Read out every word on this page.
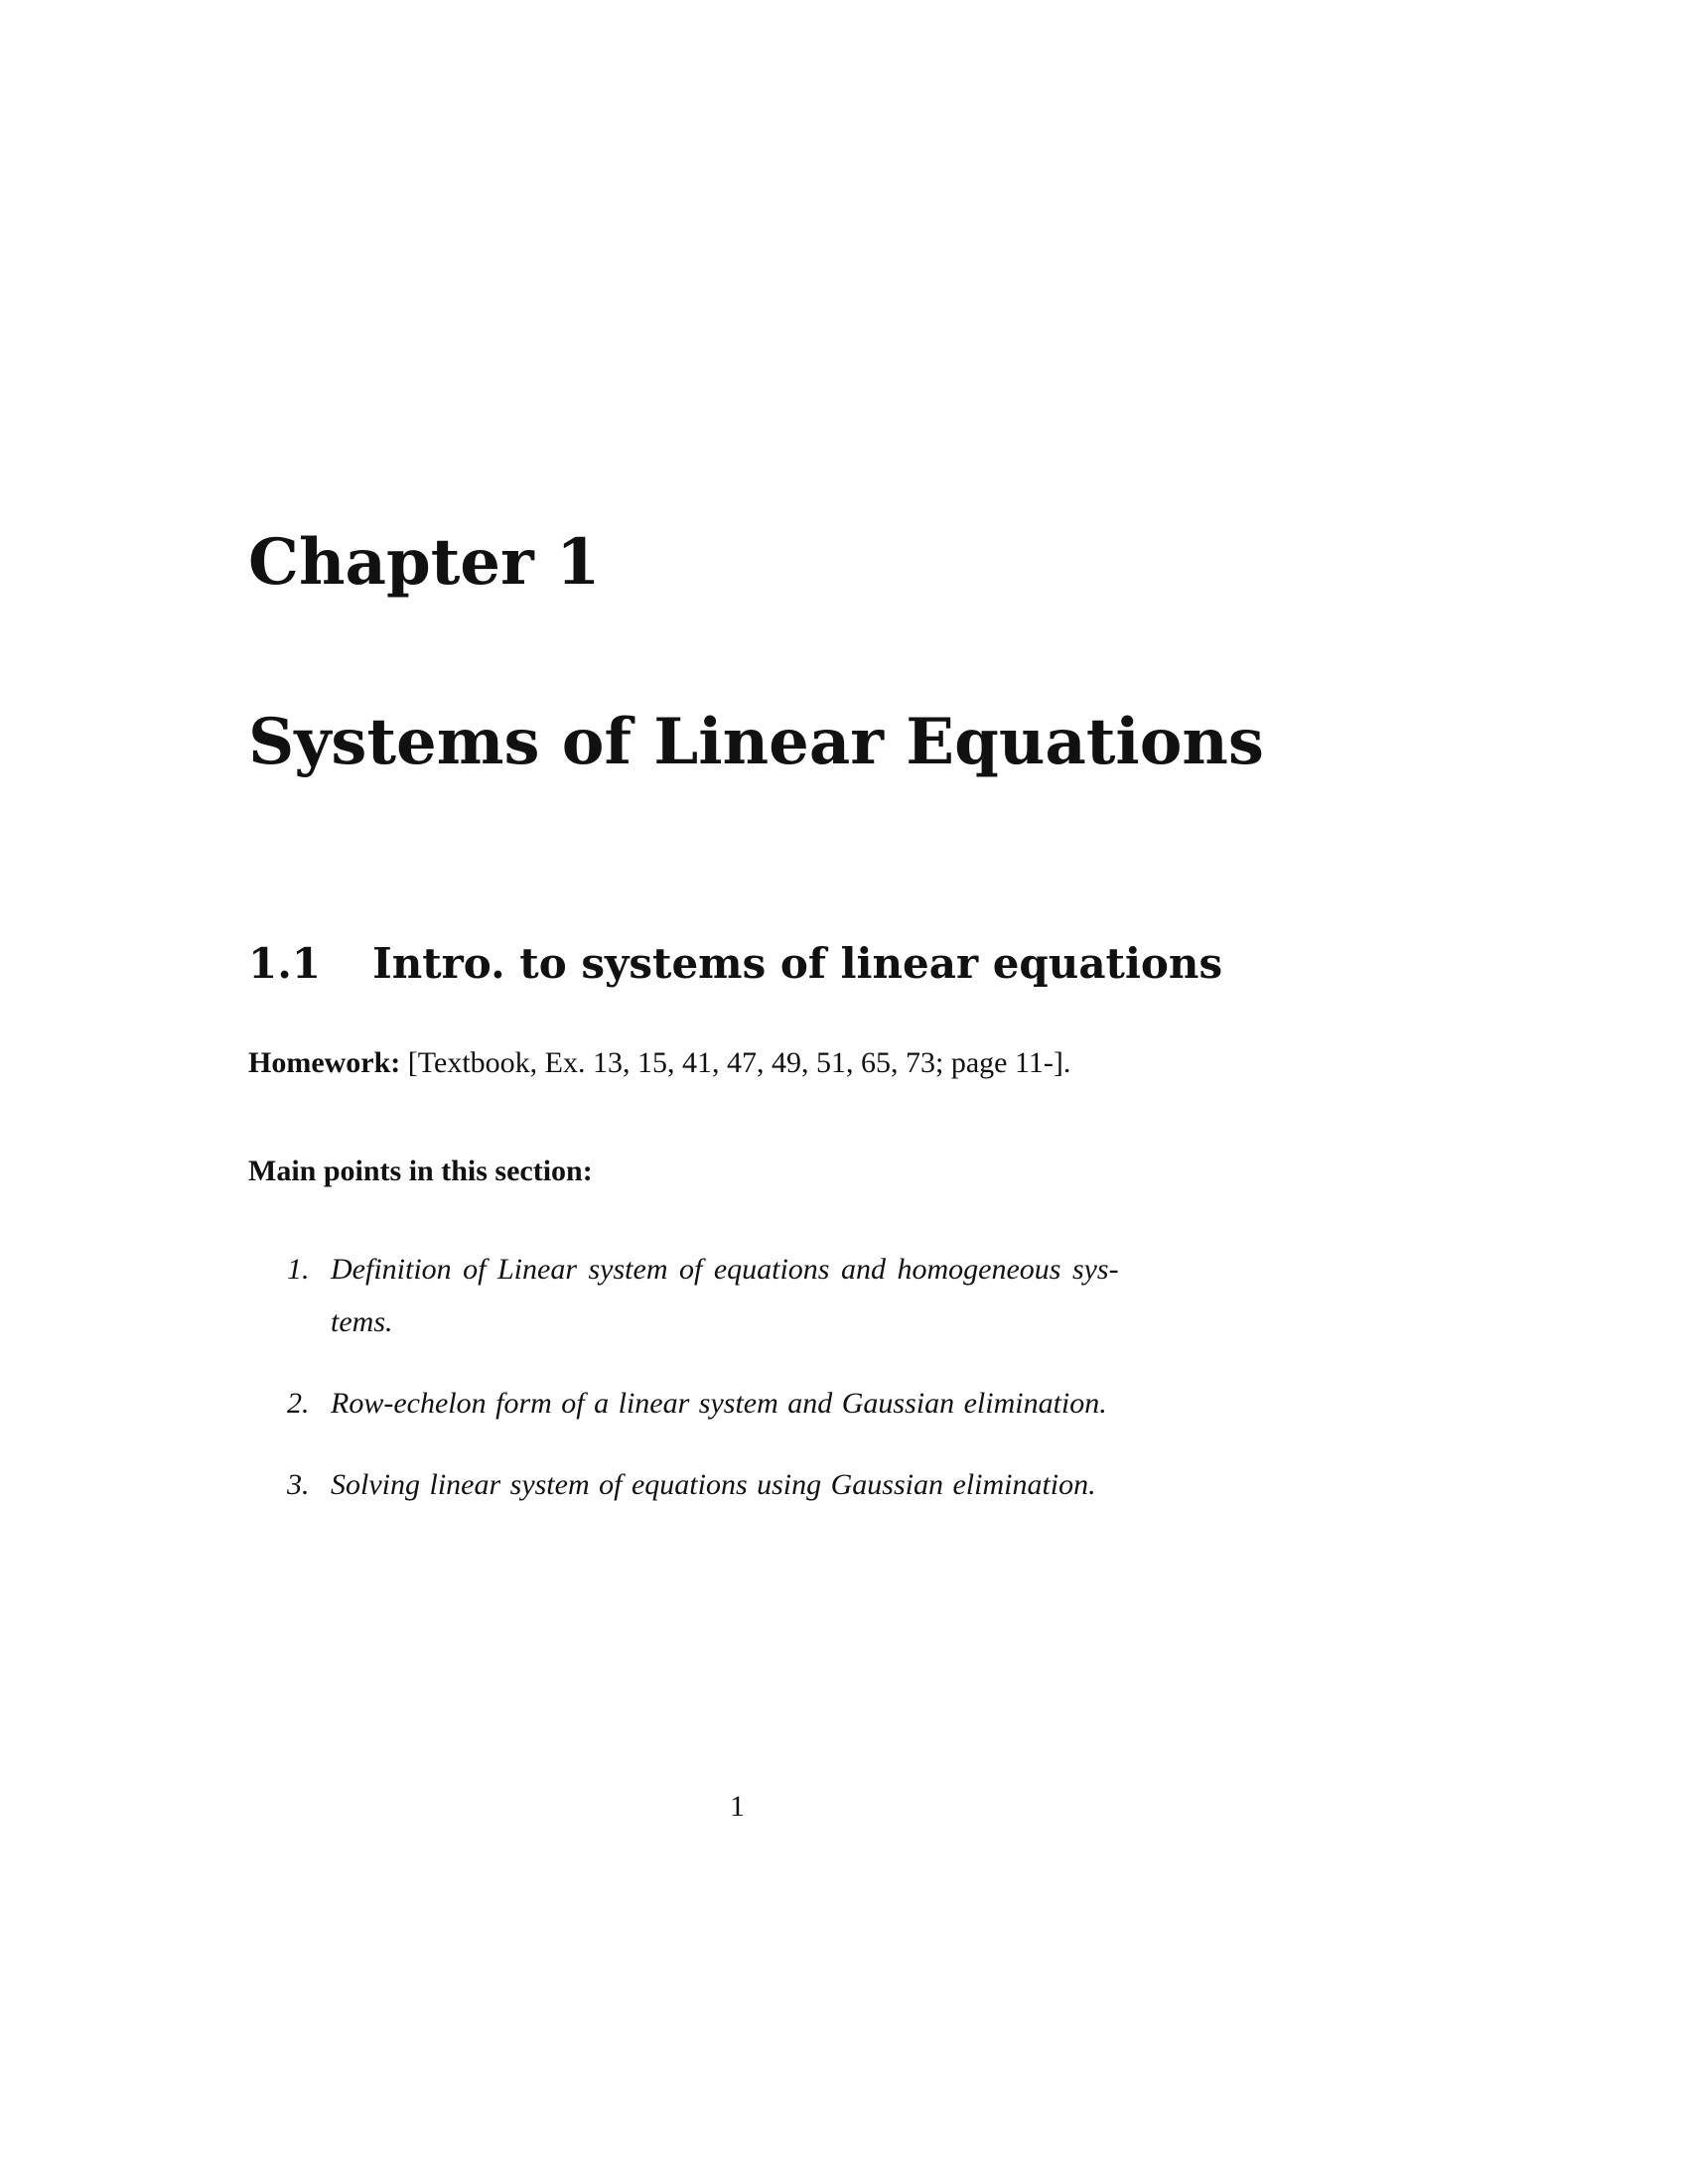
Chapter 1
Systems of Linear Equations
1.1 Intro. to systems of linear equations
Homework: [Textbook, Ex. 13, 15, 41, 47, 49, 51, 65, 73; page 11-].
Main points in this section:
1. Definition of Linear system of equations and homogeneous sys-
tems.
2. Row-echelon form of a linear system and Gaussian elimination.
3. Solving linear system of equations using Gaussian elimination.
1
